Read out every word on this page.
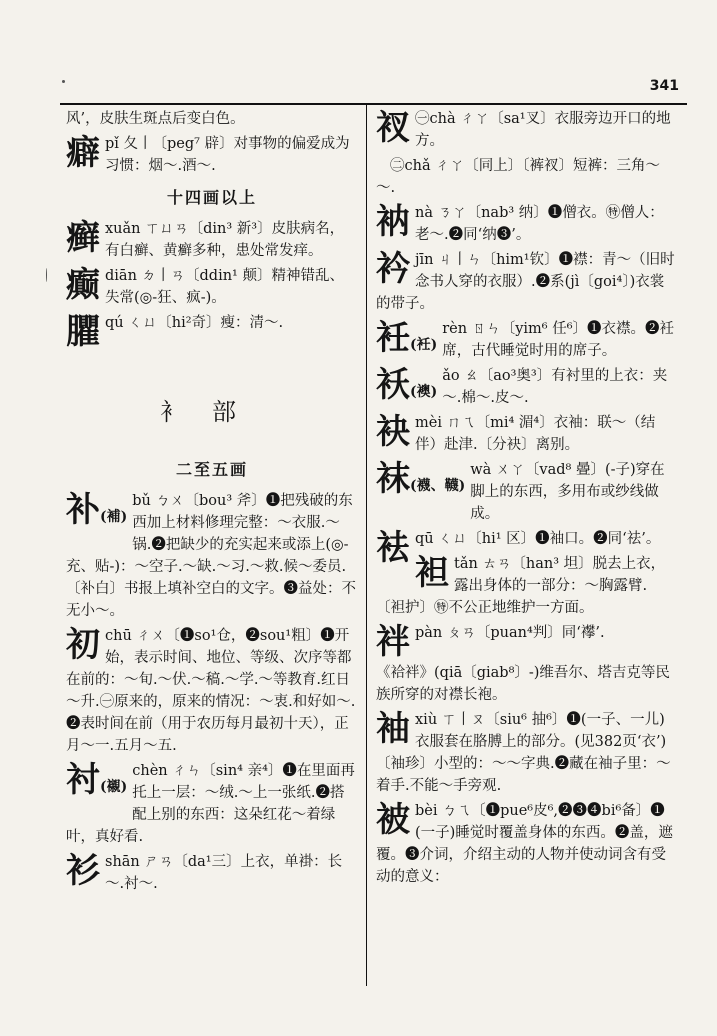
341
风’，皮肤生斑点后变白色。
癖 pǐ 夂丨〔peg⁷ 辟〕对事物的偏爱成为习惯：烟～.酒～.
十四画以上
癣 xuǎn ㄒㄩㄢ〔din³ 新³〕皮肤病名，有白癣、黄癣多种，患处常发痒。
癫 diān ㄉ丨ㄢ〔ddin¹ 颠〕精神错乱、失常(◎-狂、疯-)。
臞 qú ㄑㄩ〔hi²奇〕瘦：清～.
衤部
二至五画
补(補)
bǔ ㄅㄨ〔bou³ 斧〕❶把残破的东西加上材料修理完整：～衣服.～锅.❷把缺少的充实起来或添上(◎-充、贴-)：～空子.～缺.～习.～救.候～委员.〔补白〕书报上填补空白的文字。❸益处：不无小～。
初 chū ㄔㄨ〔❶so¹仓，❷sou¹粗〕❶开始，表示时间、地位、等级、次序等都在前的：～旬.～伏.～稿.～学.～等教育.红日～升.㊀原来的，原来的情况：～衷.和好如～.❷表时间在前（用于农历每月最初十天），正月～一.五月～五.
衬(襯)
chèn ㄔㄣ〔sin⁴ 亲⁴〕❶在里面再托上一层：～绒.～上一张纸.❷搭配上别的东西：这朵红花～着绿叶，真好看.
衫 shān ㄕㄢ〔da¹三〕上衣，单褂：长～.衬～.
衩 ㊀chà ㄔㄚ〔sa¹叉〕衣服旁边开口的地方。
㊁chǎ ㄔㄚ〔同上〕〔裤衩〕短裤：三角～～.
衲 nà ㄋㄚ〔nab³ 纳〕❶僧衣。㊕僧人：老～.❷同‘纳❸’。
衿 jīn ㄐ丨ㄣ〔him¹钦〕❶襟：青～（旧时念书人穿的衣服）.❷系(jì〔goi⁴〕)衣裳的带子。
衽(衽)
rèn ㄖㄣ〔yim⁶ 任⁶〕❶衣襟。❷衽席，古代睡觉时用的席子。
袄(襖)
ǎo ㄠ〔ao³奥³〕有衬里的上衣：夹～.棉～.皮～.
袂 mèi ㄇㄟ〔mi⁴ 湄⁴〕衣袖：联～（结伴）赴津.〔分袂〕离别。
袜(襪、韈)
wà ㄨㄚ〔vad⁸ 曡〕(-子)穿在脚上的东西，多用布或纱线做成。
袪 qū ㄑㄩ〔hi¹ 区〕❶袖口。❷同‘祛’。
袒 tǎn ㄊㄢ〔han³ 坦〕脱去上衣，露出身体的一部分：～胸露臂.〔袒护〕㊕不公正地维护一方面。
袢 pàn ㄆㄢ〔puan⁴判〕同‘襻’.
《袷袢》(qiā〔giab⁸〕-)维吾尔、塔吉克等民族所穿的对襟长袍。
袖 xiù ㄒ丨ㄡ〔siu⁶ 抽⁶〕❶(一子、一儿)衣服套在胳膊上的部分。(见382页‘衣’)〔袖珍〕小型的：～～字典.❷藏在袖子里：～着手.不能～手旁观.
被 bèi ㄅㄟ〔❶pue⁶皮⁶,❷❸❹bi⁶备〕❶(一子)睡觉时覆盖身体的东西。❷盖，遮覆。❸介词，介绍主动的人物并使动词含有受动的意义：
